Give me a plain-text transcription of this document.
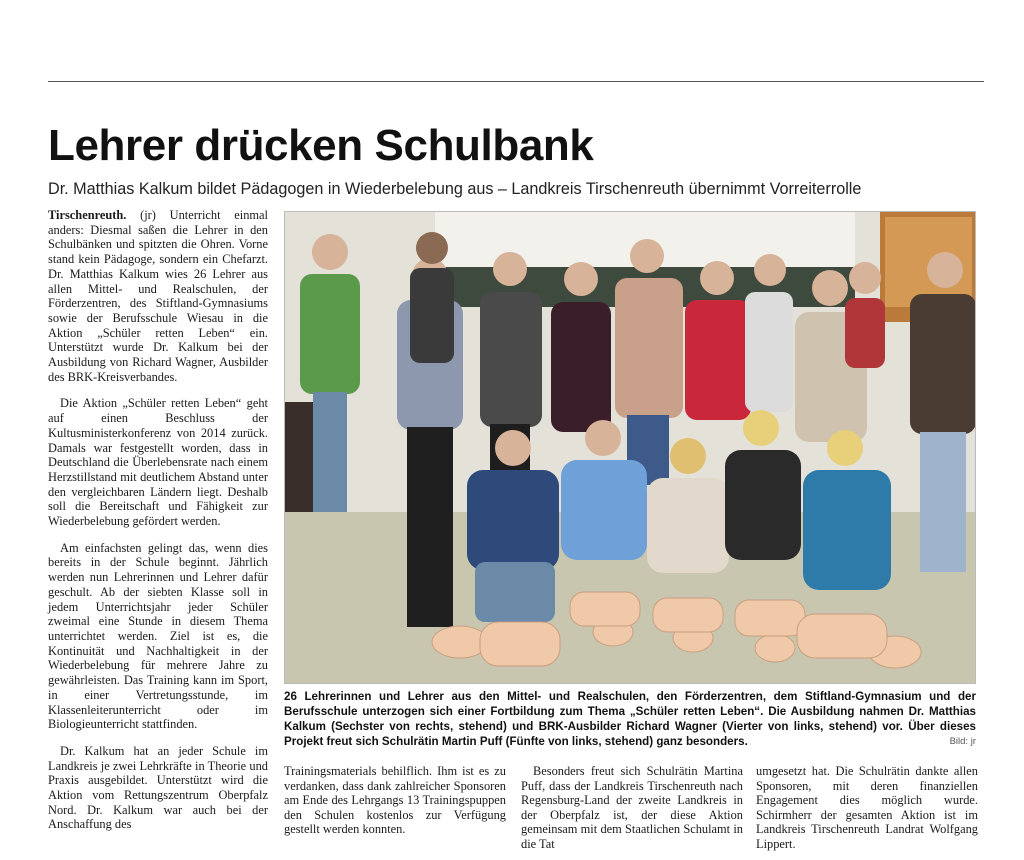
Lehrer drücken Schulbank
Dr. Matthias Kalkum bildet Pädagogen in Wiederbelebung aus – Landkreis Tirschenreuth übernimmt Vorreiterrolle

Tirschenreuth. (jr) Unterricht einmal anders: Diesmal saßen die Lehrer in den Schulbänken und spitzten die Ohren. Vorne stand kein Pädagoge, sondern ein Chefarzt. Dr. Matthias Kalkum wies 26 Lehrer aus allen Mittel- und Realschulen, der Förderzentren, des Stiftland-Gymnasiums sowie der Berufsschule Wiesau in die Aktion „Schüler retten Leben“ ein. Unterstützt wurde Dr. Kalkum bei der Ausbildung von Richard Wagner, Ausbilder des BRK-Kreisverbandes.

Die Aktion „Schüler retten Leben“ geht auf einen Beschluss der Kultusministerkonferenz von 2014 zurück. Damals war festgestellt worden, dass in Deutschland die Überlebensrate nach einem Herzstillstand mit deutlichem Abstand unter den vergleichbaren Ländern liegt. Deshalb soll die Bereitschaft und Fähigkeit zur Wiederbelebung gefördert werden.

Am einfachsten gelingt das, wenn dies bereits in der Schule beginnt. Jährlich werden nun Lehrerinnen und Lehrer dafür geschult. Ab der siebten Klasse soll in jedem Unterrichtsjahr jeder Schüler zweimal eine Stunde in diesem Thema unterrichtet werden. Ziel ist es, die Kontinuität und Nachhaltigkeit in der Wiederbelebung für mehrere Jahre zu gewährleisten. Das Training kann im Sport, in einer Vertretungsstunde, im Klassenleiterunterricht oder im Biologieunterricht stattfinden.

Dr. Kalkum hat an jeder Schule im Landkreis je zwei Lehrkräfte in Theorie und Praxis ausgebildet. Unterstützt wird die Aktion vom Rettungszentrum Oberpfalz Nord. Dr. Kalkum war auch bei der Anschaffung des

26 Lehrerinnen und Lehrer aus den Mittel- und Realschulen, den Förderzentren, dem Stiftland-Gymnasium und der Berufsschule unterzogen sich einer Fortbildung zum Thema „Schüler retten Leben“. Die Ausbildung nahmen Dr. Matthias Kalkum (Sechster von rechts, stehend) und BRK-Ausbilder Richard Wagner (Vierter von links, stehend) vor. Über dieses Projekt freut sich Schulrätin Martin Puff (Fünfte von links, stehend) ganz besonders.	Bild: jr

Trainingsmaterials behilflich. Ihm ist es zu verdanken, dass dank zahlreicher Sponsoren am Ende des Lehrgangs 13 Trainingspuppen den Schulen kostenlos zur Verfügung gestellt werden konnten.

Besonders freut sich Schulrätin Martina Puff, dass der Landkreis Tirschenreuth nach Regensburg-Land der zweite Landkreis in der Oberpfalz ist, der diese Aktion gemeinsam mit dem Staatlichen Schulamt in die Tat

umgesetzt hat. Die Schulrätin dankte allen Sponsoren, mit deren finanziellen Engagement dies möglich wurde. Schirmherr der gesamten Aktion ist im Landkreis Tirschenreuth Landrat Wolfgang Lippert.
